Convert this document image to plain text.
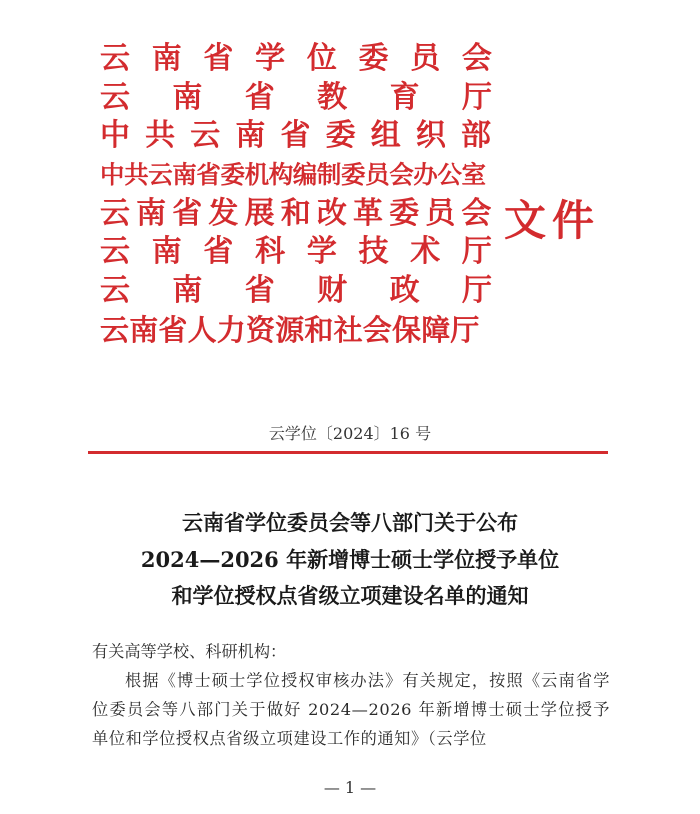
云 南 省 学 位 委 员 会
云 南 省 教 育 厅
中 共 云 南 省 委 组 织 部
中共云南省委机构编制委员会办公室
云 南 省 发 展 和 改 革 委 员 会
云 南 省 科 学 技 术 厅
云 南 省 财 政 厅
云南省人力资源和社会保障厅
文件
云学位〔2024〕16 号
云南省学位委员会等八部门关于公布
2024—2026 年新增博士硕士学位授予单位
和学位授权点省级立项建设名单的通知
有关高等学校、科研机构：
根据《博士硕士学位授权审核办法》有关规定，按照《云南省学位委员会等八部门关于做好 2024—2026 年新增博士硕士学位授予单位和学位授权点省级立项建设工作的通知》（云学位
— 1 —
